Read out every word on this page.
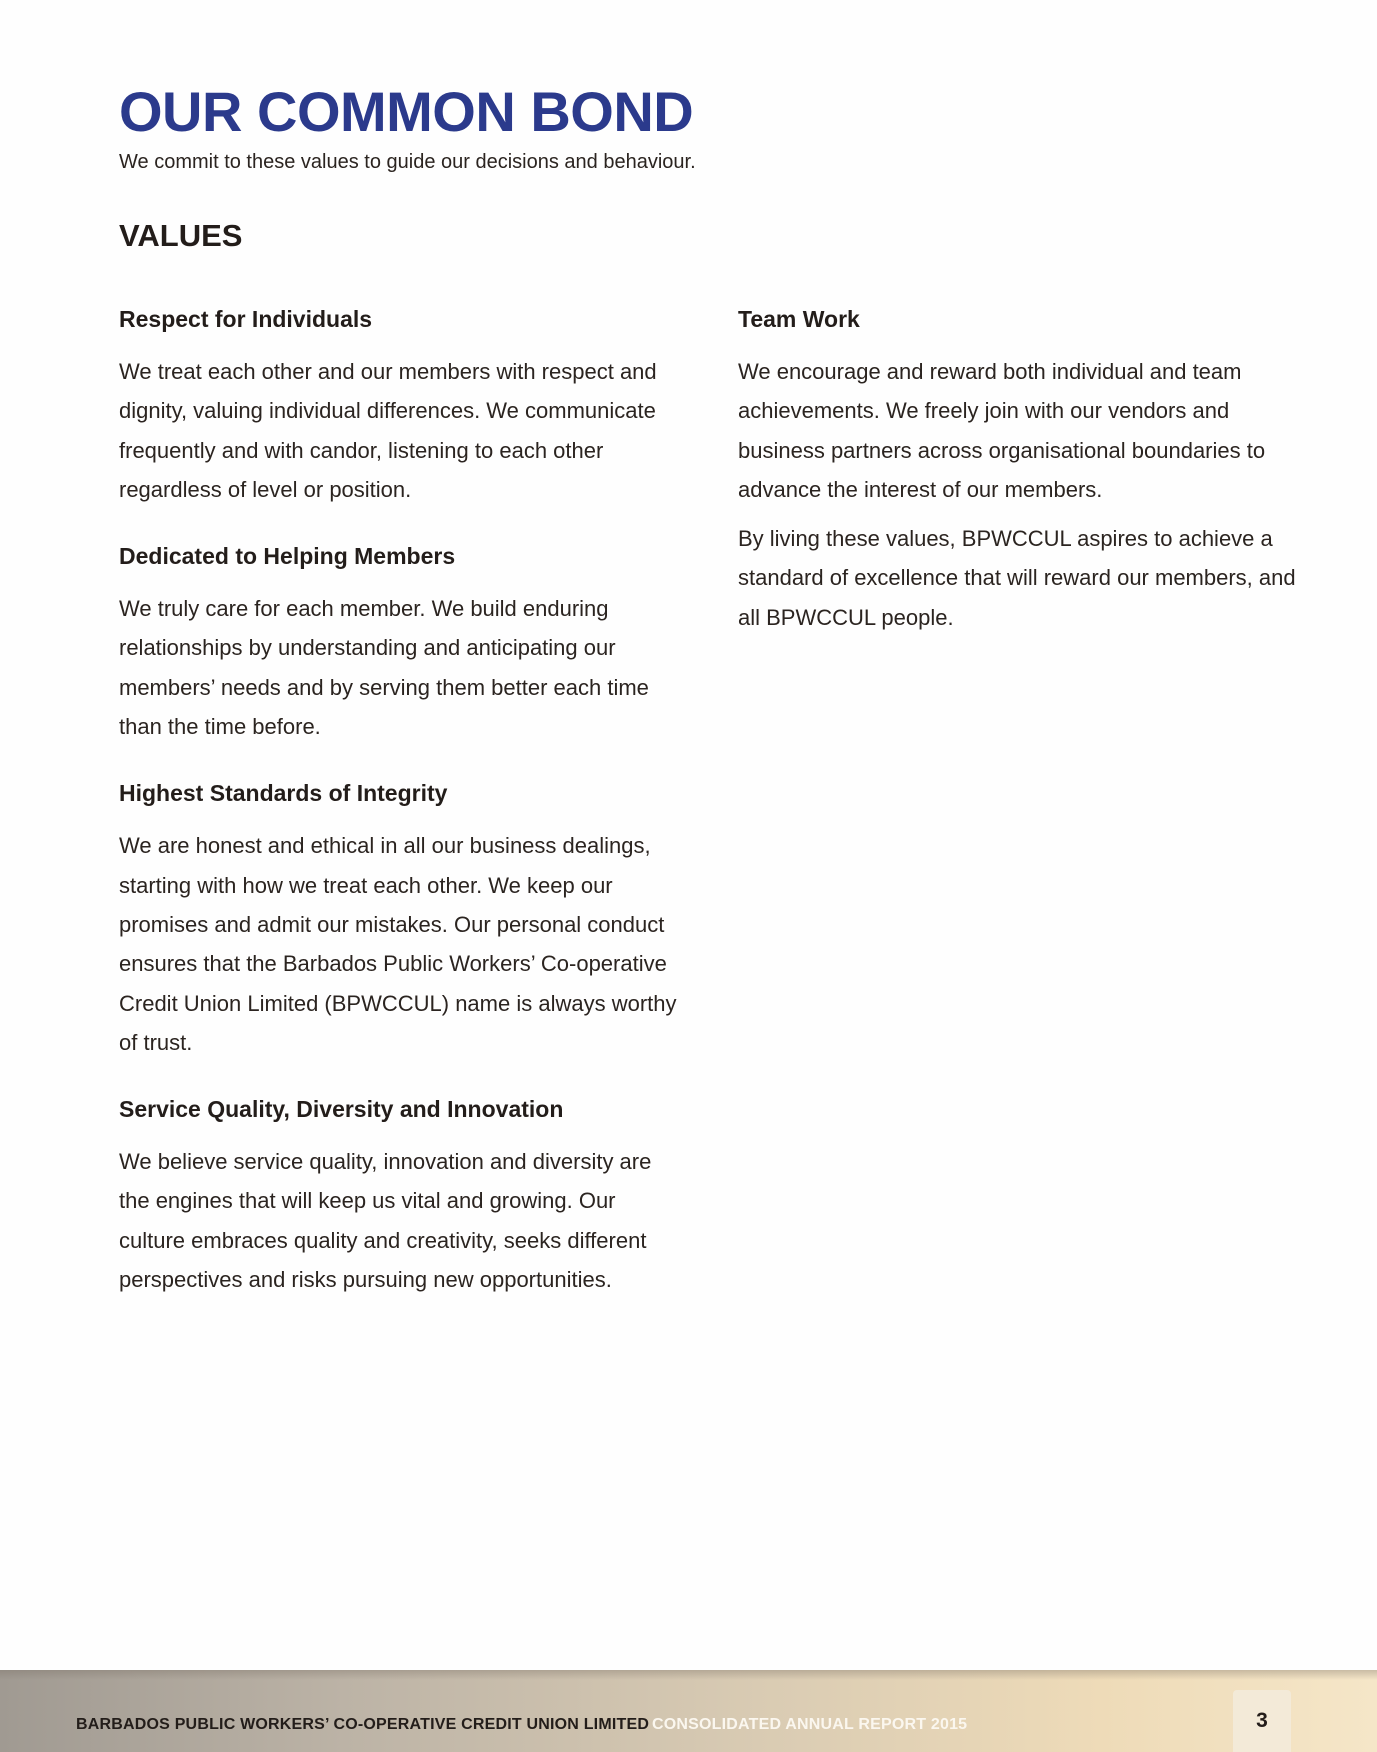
OUR COMMON BOND

We commit to these values to guide our decisions and behaviour.

VALUES
Respect for Individuals

We treat each other and our members with respect and dignity, valuing individual differences. We communicate frequently and with candor, listening to each other regardless of level or position.

Dedicated to Helping Members

We truly care for each member. We build enduring relationships by understanding and anticipating our members’ needs and by serving them better each time than the time before.

Highest Standards of Integrity

We are honest and ethical in all our business dealings, starting with how we treat each other. We keep our promises and admit our mistakes. Our personal conduct ensures that the Barbados Public Workers’ Co-operative Credit Union Limited (BPWCCUL) name is always worthy of trust.

Service Quality, Diversity and Innovation

We believe service quality, innovation and diversity are the engines that will keep us vital and growing. Our culture embraces quality and creativity, seeks different perspectives and risks pursuing new opportunities.

Team Work

We encourage and reward both individual and team achievements. We freely join with our vendors and business partners across organisational boundaries to advance the interest of our members.

By living these values, BPWCCUL aspires to achieve a standard of excellence that will reward our members, and all BPWCCUL people.

BARBADOS PUBLIC WORKERS’ CO-OPERATIVE CREDIT UNION LIMITED CONSOLIDATED ANNUAL REPORT 2015	3
